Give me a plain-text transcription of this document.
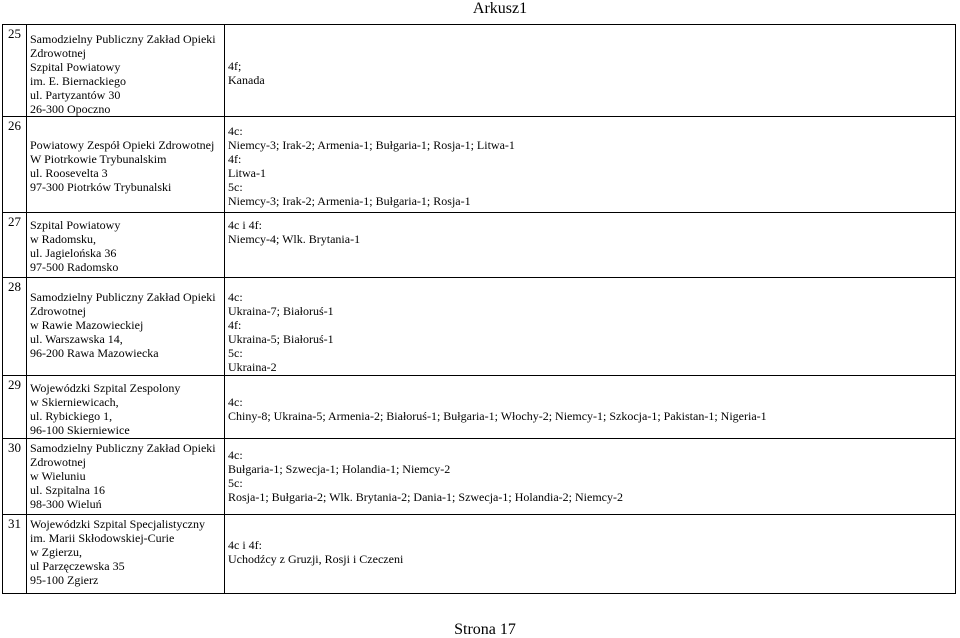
Arkusz1
25 Samodzielny Publiczny Zakład Opieki
Zdrowotnej
Szpital Powiatowy
im. E. Biernackiego
ul. Partyzantów 30
26-300 Opoczno
4f;
Kanada
26
Powiatowy Zespół Opieki Zdrowotnej
W Piotrkowie Trybunalskim
ul. Roosevelta 3
97-300 Piotrków Trybunalski
4c:
Niemcy-3; Irak-2; Armenia-1; Bułgaria-1; Rosja-1; Litwa-1
4f:
Litwa-1
5c:
Niemcy-3; Irak-2; Armenia-1; Bułgaria-1; Rosja-1
27 Szpital Powiatowy
w Radomsku,
ul. Jagielońska 36
97-500 Radomsko
4c i 4f:
Niemcy-4; Wlk. Brytania-1
28
Samodzielny Publiczny Zakład Opieki
Zdrowotnej
w Rawie Mazowieckiej
ul. Warszawska 14,
96-200 Rawa Mazowiecka
4c:
Ukraina-7; Białoruś-1
4f:
Ukraina-5; Białoruś-1
5c:
Ukraina-2
29 Wojewódzki Szpital Zespolony
w Skierniewicach,
ul. Rybickiego 1,
96-100 Skierniewice
4c:
Chiny-8; Ukraina-5; Armenia-2; Białoruś-1; Bułgaria-1; Włochy-2; Niemcy-1; Szkocja-1; Pakistan-1; Nigeria-1
30 Samodzielny Publiczny Zakład Opieki
Zdrowotnej
w Wieluniu
ul. Szpitalna 16
98-300 Wieluń
4c:
Bułgaria-1; Szwecja-1; Holandia-1; Niemcy-2
5c:
Rosja-1; Bułgaria-2; Wlk. Brytania-2; Dania-1; Szwecja-1; Holandia-2; Niemcy-2
31 Wojewódzki Szpital Specjalistyczny
im. Marii Skłodowskiej-Curie
w Zgierzu,
ul Parzęczewska 35
95-100 Zgierz
4c i 4f:
Uchodźcy z Gruzji, Rosji i Czeczeni
Strona 17
